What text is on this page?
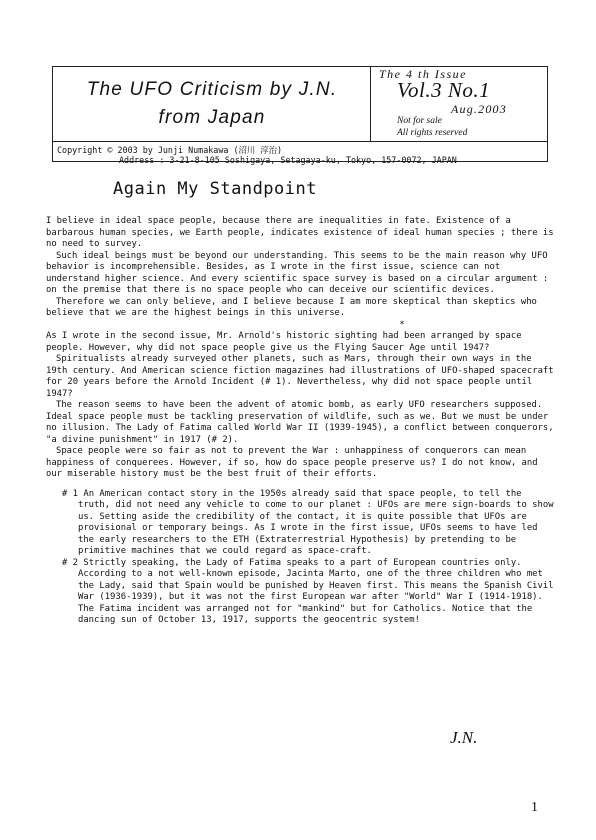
The UFO Criticism by J.N.
from Japan
The 4 th Issue
Vol.3 No.1
Aug.2003
Not for sale
All rights reserved
Copyright © 2003 by Junji Numakawa (沼川 淳治)
Address : 3-21-8-105 Soshigaya, Setagaya-ku, Tokyo, 157-0072, JAPAN
Again My Standpoint

I believe in ideal space people, because there are inequalities in fate. Existence of a barbarous human species, we Earth people, indicates existence of ideal human species ; there is no need to survey.

Such ideal beings must be beyond our understanding. This seems to be the main reason why UFO behavior is incomprehensible. Besides, as I wrote in the first issue, science can not understand higher science. And every scientific space survey is based on a circular argument : on the premise that there is no space people who can deceive our scientific devices.

Therefore we can only believe, and I believe because I am more skeptical than skeptics who believe that we are the highest beings in this universe.

*

As I wrote in the second issue, Mr. Arnold's historic sighting had been arranged by space people. However, why did not space people give us the Flying Saucer Age until 1947?

Spiritualists already surveyed other planets, such as Mars, through their own ways in the 19th century. And American science fiction magazines had illustrations of UFO-shaped spacecraft for 20 years before the Arnold Incident (# 1). Nevertheless, why did not space people until 1947?

The reason seems to have been the advent of atomic bomb, as early UFO researchers supposed. Ideal space people must be tackling preservation of wildlife, such as we. But we must be under no illusion. The Lady of Fatima called World War II (1939-1945), a conflict between conquerors, "a divine punishment" in 1917 (# 2).

Space people were so fair as not to prevent the War : unhappiness of conquerors can mean happiness of conquerees. However, if so, how do space people preserve us? I do not know, and our miserable history must be the best fruit of their efforts.

# 1 An American contact story in the 1950s already said that space people, to tell the truth, did not need any vehicle to come to our planet : UFOs are mere sign-boards to show us. Setting aside the credibility of the contact, it is quite possible that UFOs are provisional or temporary beings. As I wrote in the first issue, UFOs seems to have led the early researchers to the ETH (Extraterrestrial Hypothesis) by pretending to be primitive machines that we could regard as space-craft.

# 2 Strictly speaking, the Lady of Fatima speaks to a part of European countries only. According to a not well-known episode, Jacinta Marto, one of the three children who met the Lady, said that Spain would be punished by Heaven first. This means the Spanish Civil War (1936-1939), but it was not the first European war after "World" War I (1914-1918). The Fatima incident was arranged not for "mankind" but for Catholics. Notice that the dancing sun of October 13, 1917, supports the geocentric system!

J.N.
1
